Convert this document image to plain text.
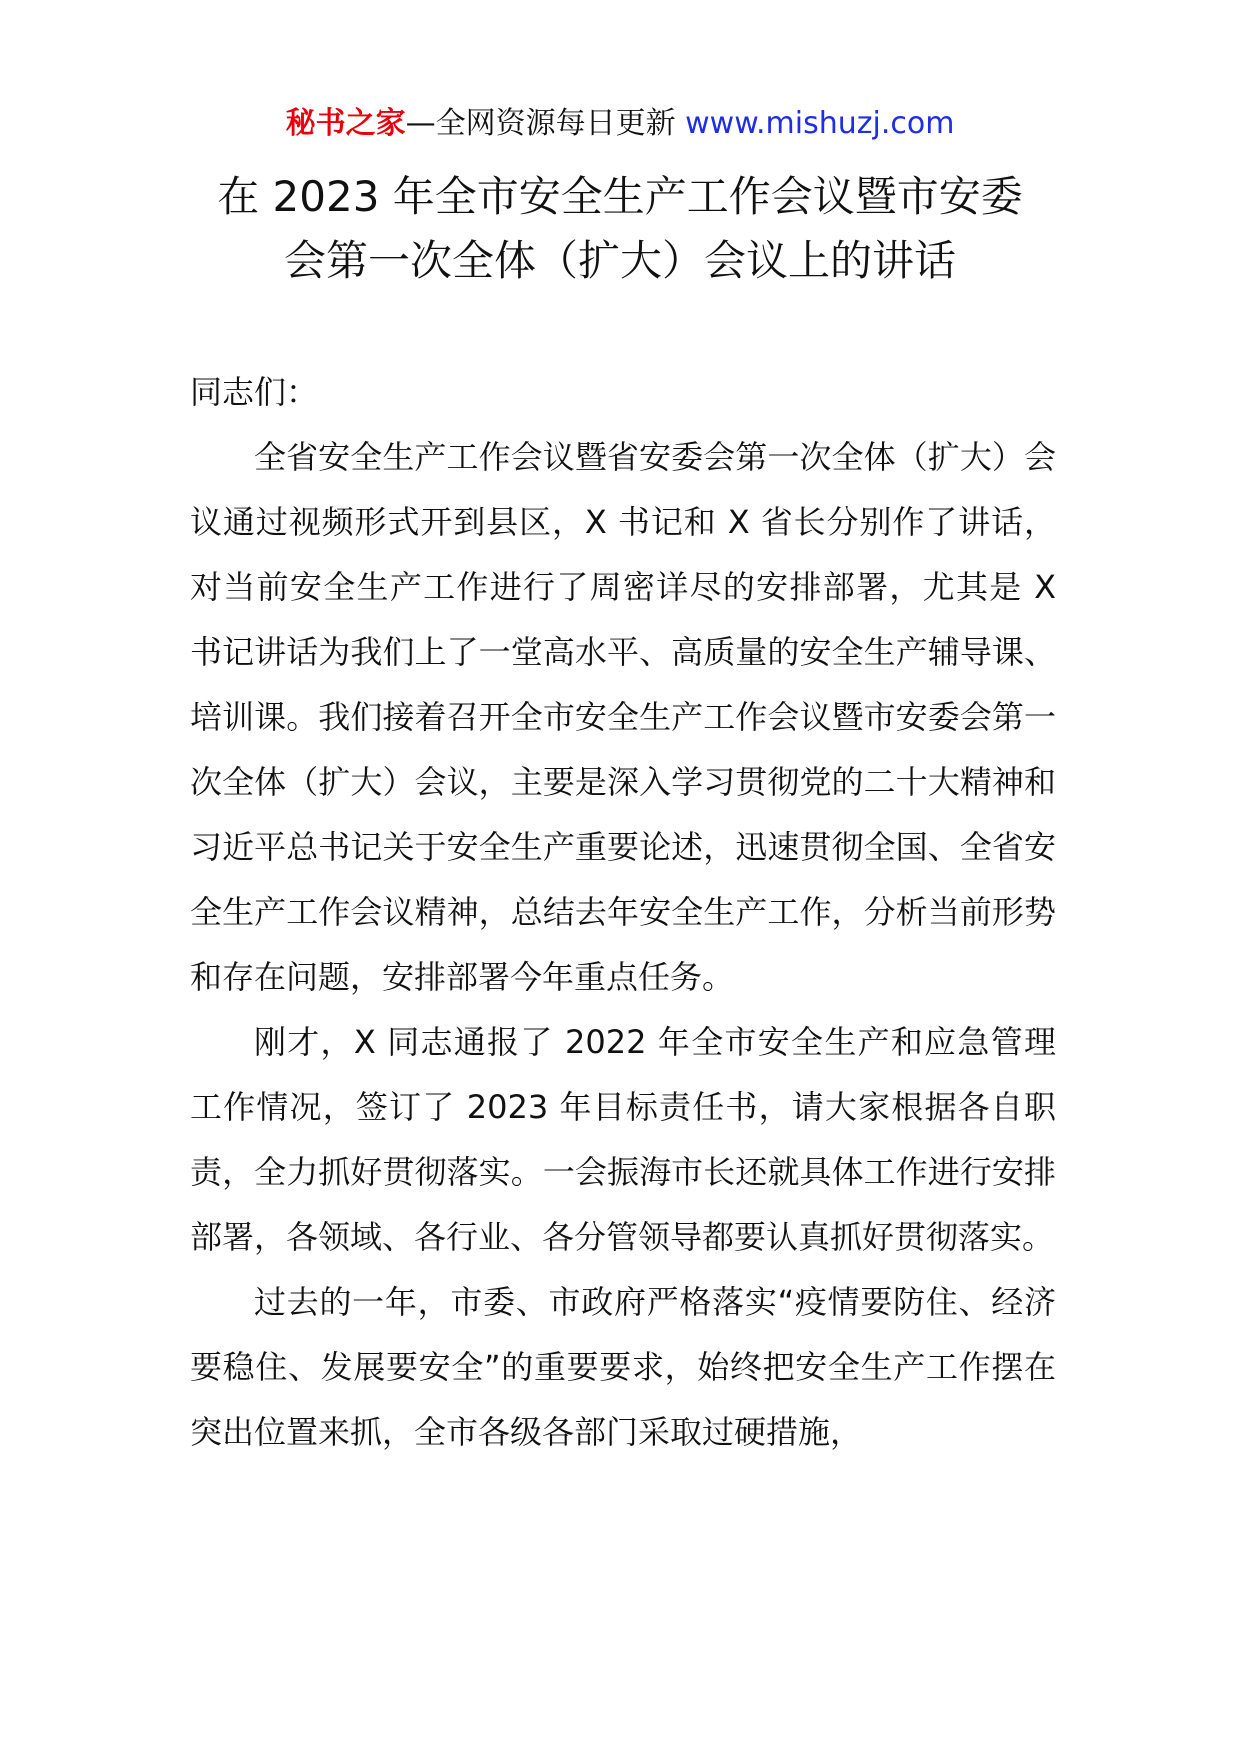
秘书之家—全网资源每日更新 www.mishuzj.com
在 2023 年全市安全生产工作会议暨市安委
会第一次全体（扩大）会议上的讲话

同志们：

全省安全生产工作会议暨省安委会第一次全体（扩大）会议通过视频形式开到县区，X 书记和 X 省长分别作了讲话，对当前安全生产工作进行了周密详尽的安排部署，尤其是 X 书记讲话为我们上了一堂高水平、高质量的安全生产辅导课、培训课。我们接着召开全市安全生产工作会议暨市安委会第一次全体（扩大）会议，主要是深入学习贯彻党的二十大精神和习近平总书记关于安全生产重要论述，迅速贯彻全国、全省安全生产工作会议精神，总结去年安全生产工作，分析当前形势和存在问题，安排部署今年重点任务。

刚才，X 同志通报了 2022 年全市安全生产和应急管理工作情况，签订了 2023 年目标责任书，请大家根据各自职责，全力抓好贯彻落实。一会振海市长还就具体工作进行安排部署，各领域、各行业、各分管领导都要认真抓好贯彻落实。

过去的一年，市委、市政府严格落实“疫情要防住、经济要稳住、发展要安全”的重要要求，始终把安全生产工作摆在突出位置来抓，全市各级各部门采取过硬措施，
